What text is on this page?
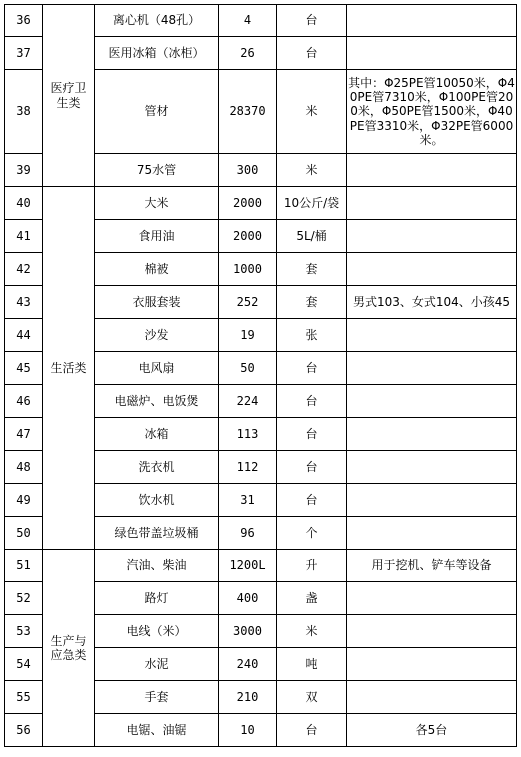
36	医疗卫生类	离心机（48孔）	4	台	
37		医用冰箱（冰柜）	26	台	
38		管材	28370	米	其中：Φ25PE管10050米，Φ40PE管7310米，Φ100PE管200米，Φ50PE管1500米，Φ40PE管3310米，Φ32PE管6000米。
39		75水管	300	米	
40	生活类	大米	2000	10公斤/袋	
41		食用油	2000	5L/桶	
42		棉被	1000	套	
43		衣服套装	252	套	男式103、女式104、小孩45
44		沙发	19	张	
45		电风扇	50	台	
46		电磁炉、电饭煲	224	台	
47		冰箱	113	台	
48		洗衣机	112	台	
49		饮水机	31	台	
50		绿色带盖垃圾桶	96	个	
51	生产与应急类	汽油、柴油	1200L	升	用于挖机、铲车等设备
52		路灯	400	盏	
53		电线（米）	3000	米	
54		水泥	240	吨	
55		手套	210	双	
56		电锯、油锯	10	台	各5台
